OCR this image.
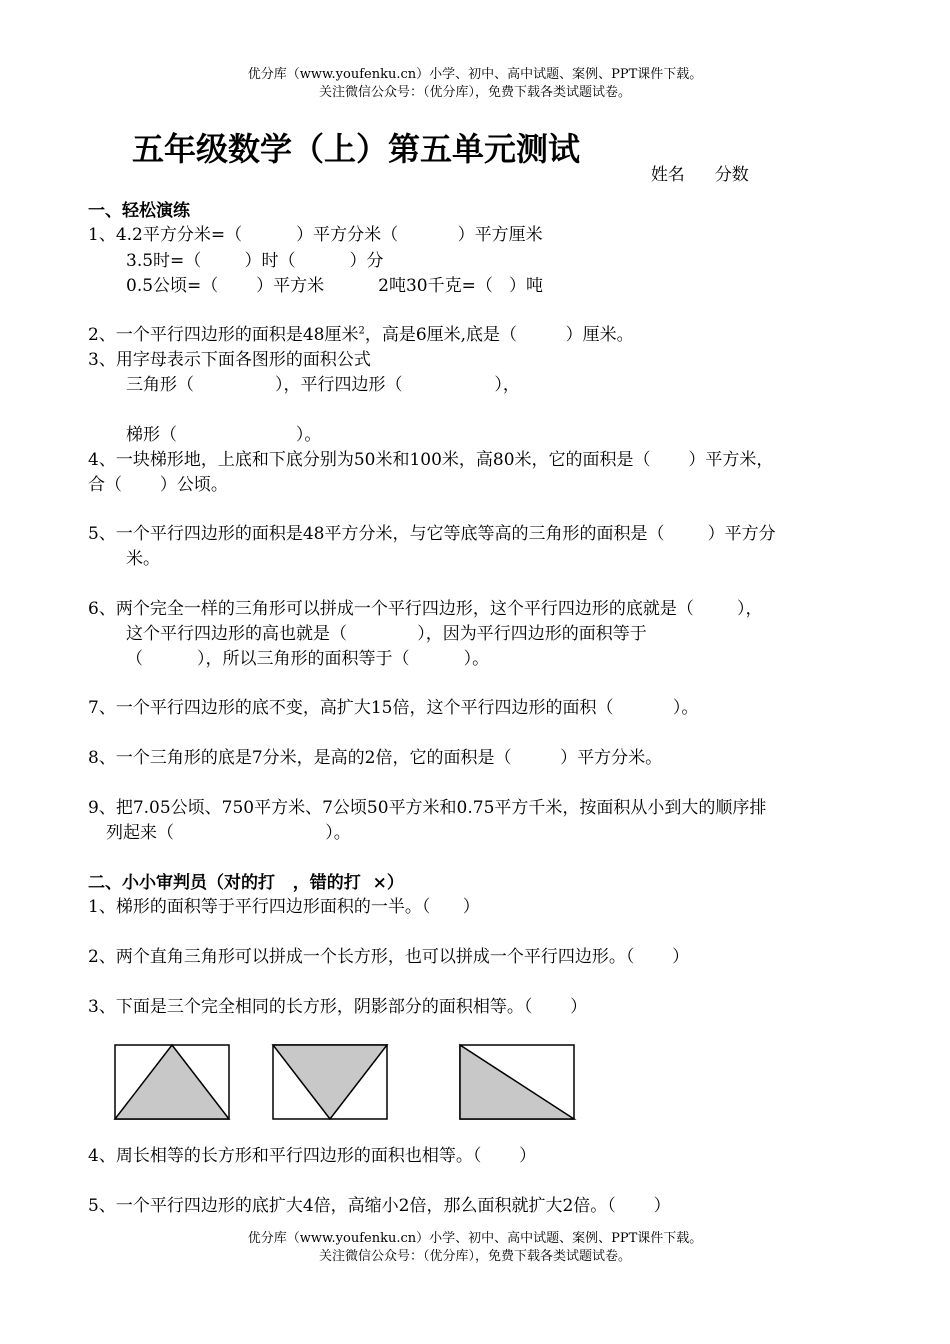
优分库（www.youfenku.cn）小学、初中、高中试题、案例、PPT课件下载。
关注微信公众号：（优分库），免费下载各类试题试卷。
五年级数学（上）第五单元测试

姓名 分数

一、轻松演练
1、4.2平方分米=（          ）平方分米（           ）平方厘米
3.5时=（        ）时（          ）分
0.5公顷=（       ）平方米          2吨30千克=（   ）吨
2、一个平行四边形的面积是48厘米$^2$，高是6厘米,底是（         ）厘米。
3、用字母表示下面各图形的面积公式
三角形（               ），平行四边形（                 ），
梯形（                      ）。
4、一块梯形地，上底和下底分别为50米和100米，高80米，它的面积是（       ）平方米，
合（       ）公顷。
5、一个平行四边形的面积是48平方分米，与它等底等高的三角形的面积是（        ）平方分
米。
6、两个完全一样的三角形可以拼成一个平行四边形，这个平行四边形的底就是（        ），
这个平行四边形的高也就是（             ），因为平行四边形的面积等于
（          ），所以三角形的面积等于（          ）。
7、一个平行四边形的底不变，高扩大15倍，这个平行四边形的面积（           ）。
8、一个三角形的底是7分米，是高的2倍，它的面积是（         ）平方分米。
9、把7.05公顷、750平方米、7公顷50平方米和0.75平方千米，按面积从小到大的顺序排
列起来（                            ）。
二、小小审判员（对的打   ，错的打  ×）
1、梯形的面积等于平行四边形面积的一半。（      ）
2、两个直角三角形可以拼成一个长方形，也可以拼成一个平行四边形。（       ）
3、下面是三个完全相同的长方形，阴影部分的面积相等。（       ）
4、周长相等的长方形和平行四边形的面积也相等。（       ）
5、一个平行四边形的底扩大4倍，高缩小2倍，那么面积就扩大2倍。（       ）
优分库（www.youfenku.cn）小学、初中、高中试题、案例、PPT课件下载。
关注微信公众号：（优分库），免费下载各类试题试卷。
